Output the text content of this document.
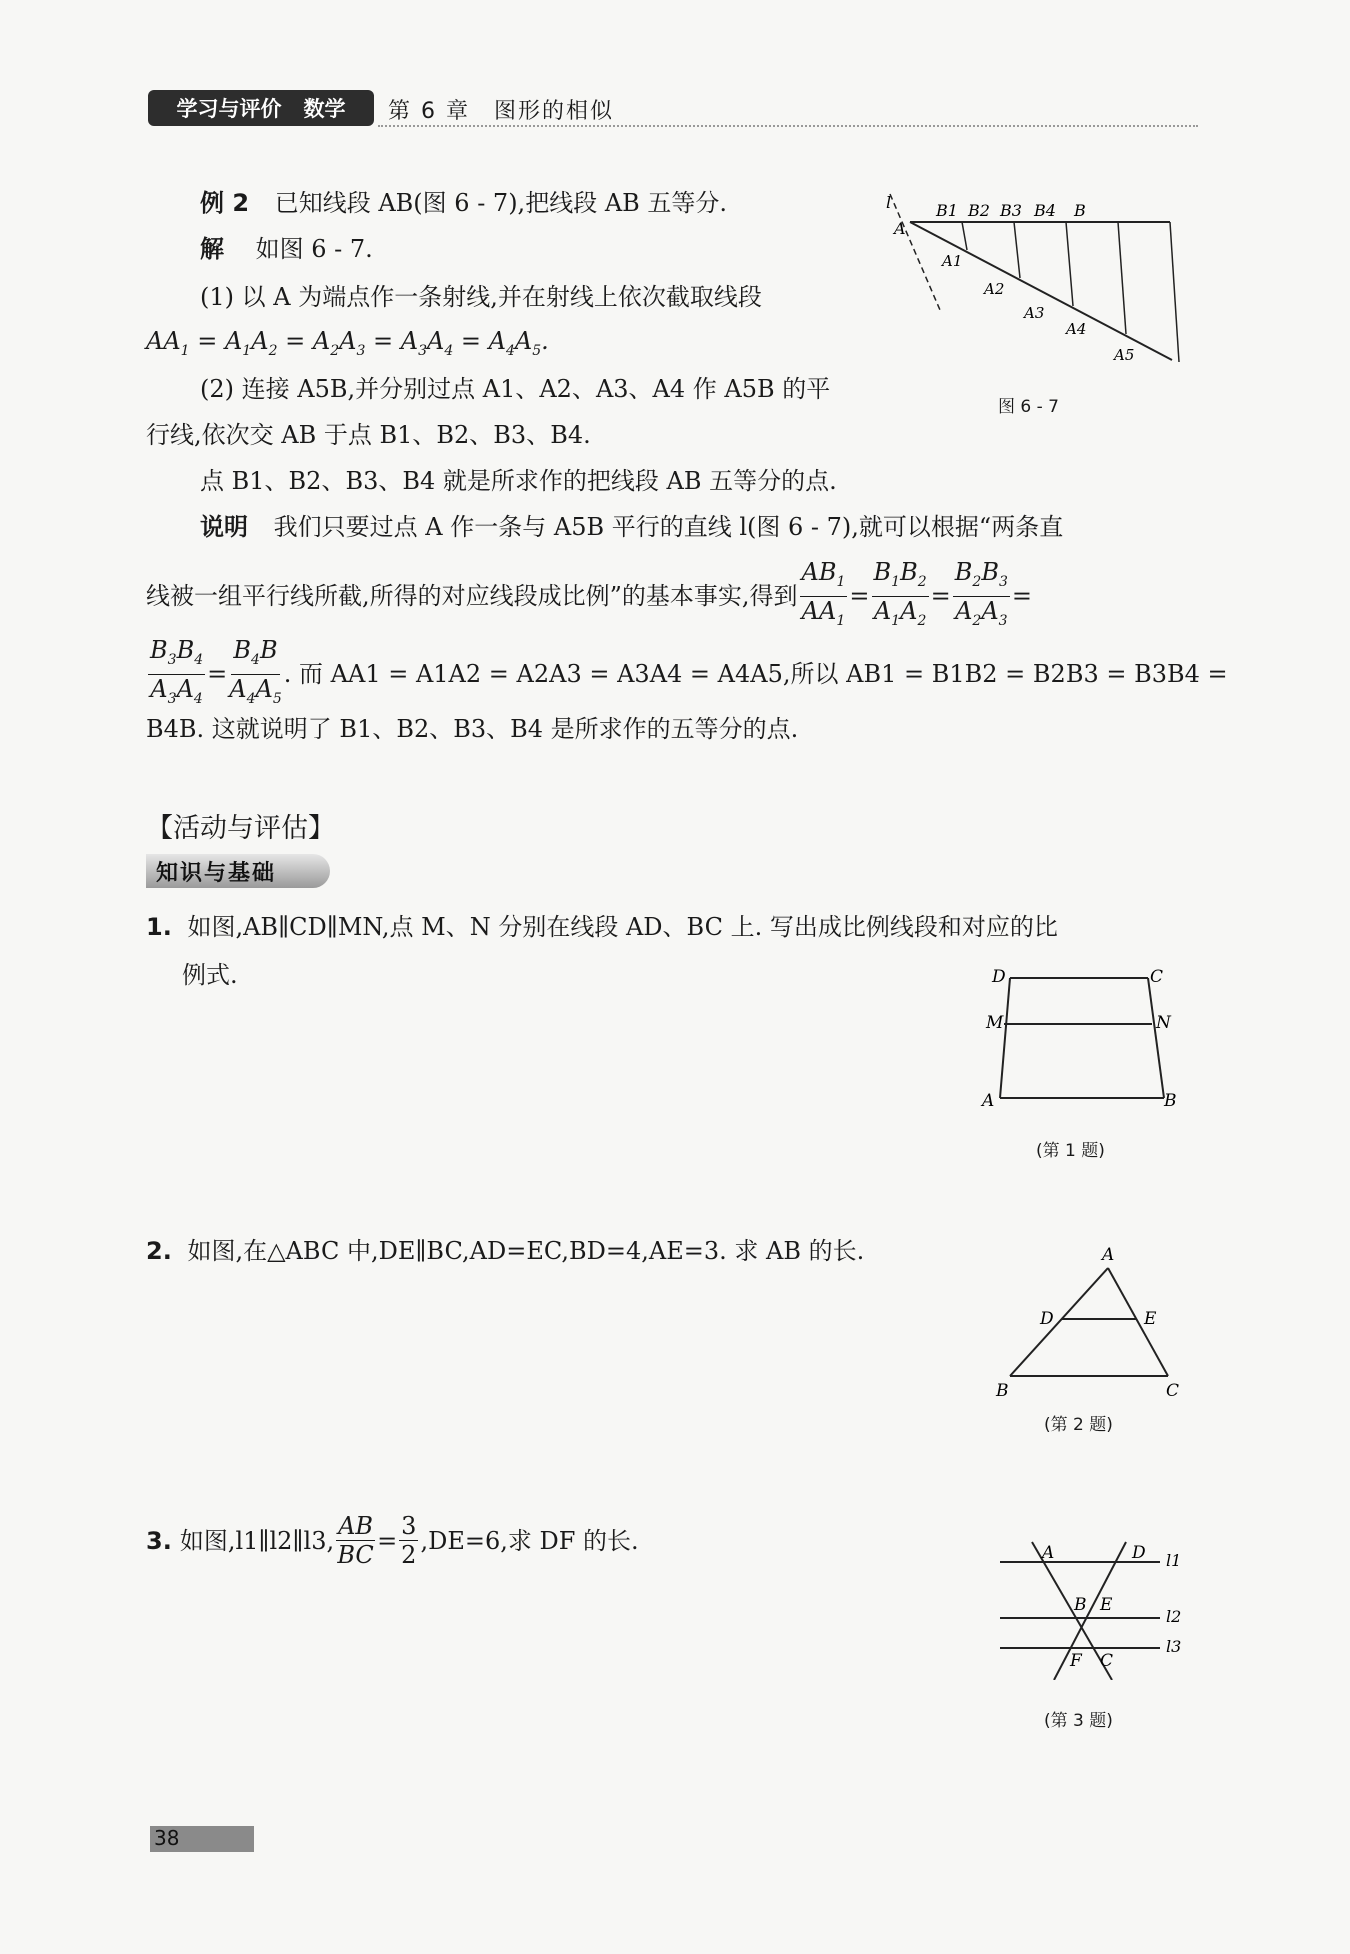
学习与评价 数学 第 6 章　图形的相似
例 2 已知线段 AB(图 6 - 7),把线段 AB 五等分.
解 如图 6 - 7.
(1) 以 A 为端点作一条射线,并在射线上依次截取线段
$AA_1 = A_1A_2 = A_2A_3 = A_3A_4 = A_4A_5$.
(2) 连接 A5B,并分别过点 A1、A2、A3、A4 作 A5B 的平
行线,依次交 AB 于点 B1、B2、B3、B4.
点 B1、B2、B3、B4 就是所求作的把线段 AB 五等分的点.
说明 我们只要过点 A 作一条与 A5B 平行的直线 l(图 6 - 7),就可以根据“两条直
线被一组平行线所截,所得的对应线段成比例”的基本事实,得到 $\frac{AB_1}{AA_1} = \frac{B_1B_2}{A_1A_2} = \frac{B_2B_3}{A_2A_3}$ =
$\frac{B_3B_4}{A_3A_4} = \frac{B_4B}{A_4A_5}$ . 而 AA1 = A1A2 = A2A3 = A3A4 = A4A5,所以 AB1 = B1B2 = B2B3 = B3B4 =
B4B. 这就说明了 B1、B2、B3、B4 是所求作的五等分的点.
l
A
B1 B2 B3 B4 B
A1
A2
A3
A4
A5
图 6 - 7
【活动与评估】
知识与基础
1. 如图,AB∥CD∥MN,点 M、N 分别在线段 AD、BC 上. 写出成比例线段和对应的比
例式.	D	C
M	N
A	B
(第 1 题)
2. 如图,在△ABC 中,DE∥BC,AD=EC,BD=4,AE=3. 求 AB 的长.	A
D	E
B	C
(第 2 题)
3. 如图,l1∥l2∥l3, $\frac{AB}{BC} = \frac{3}{2} ,DE=6$,求 DF 的长.	A	D l1
B E
l2
F C
l3
(第 3 题)
38
